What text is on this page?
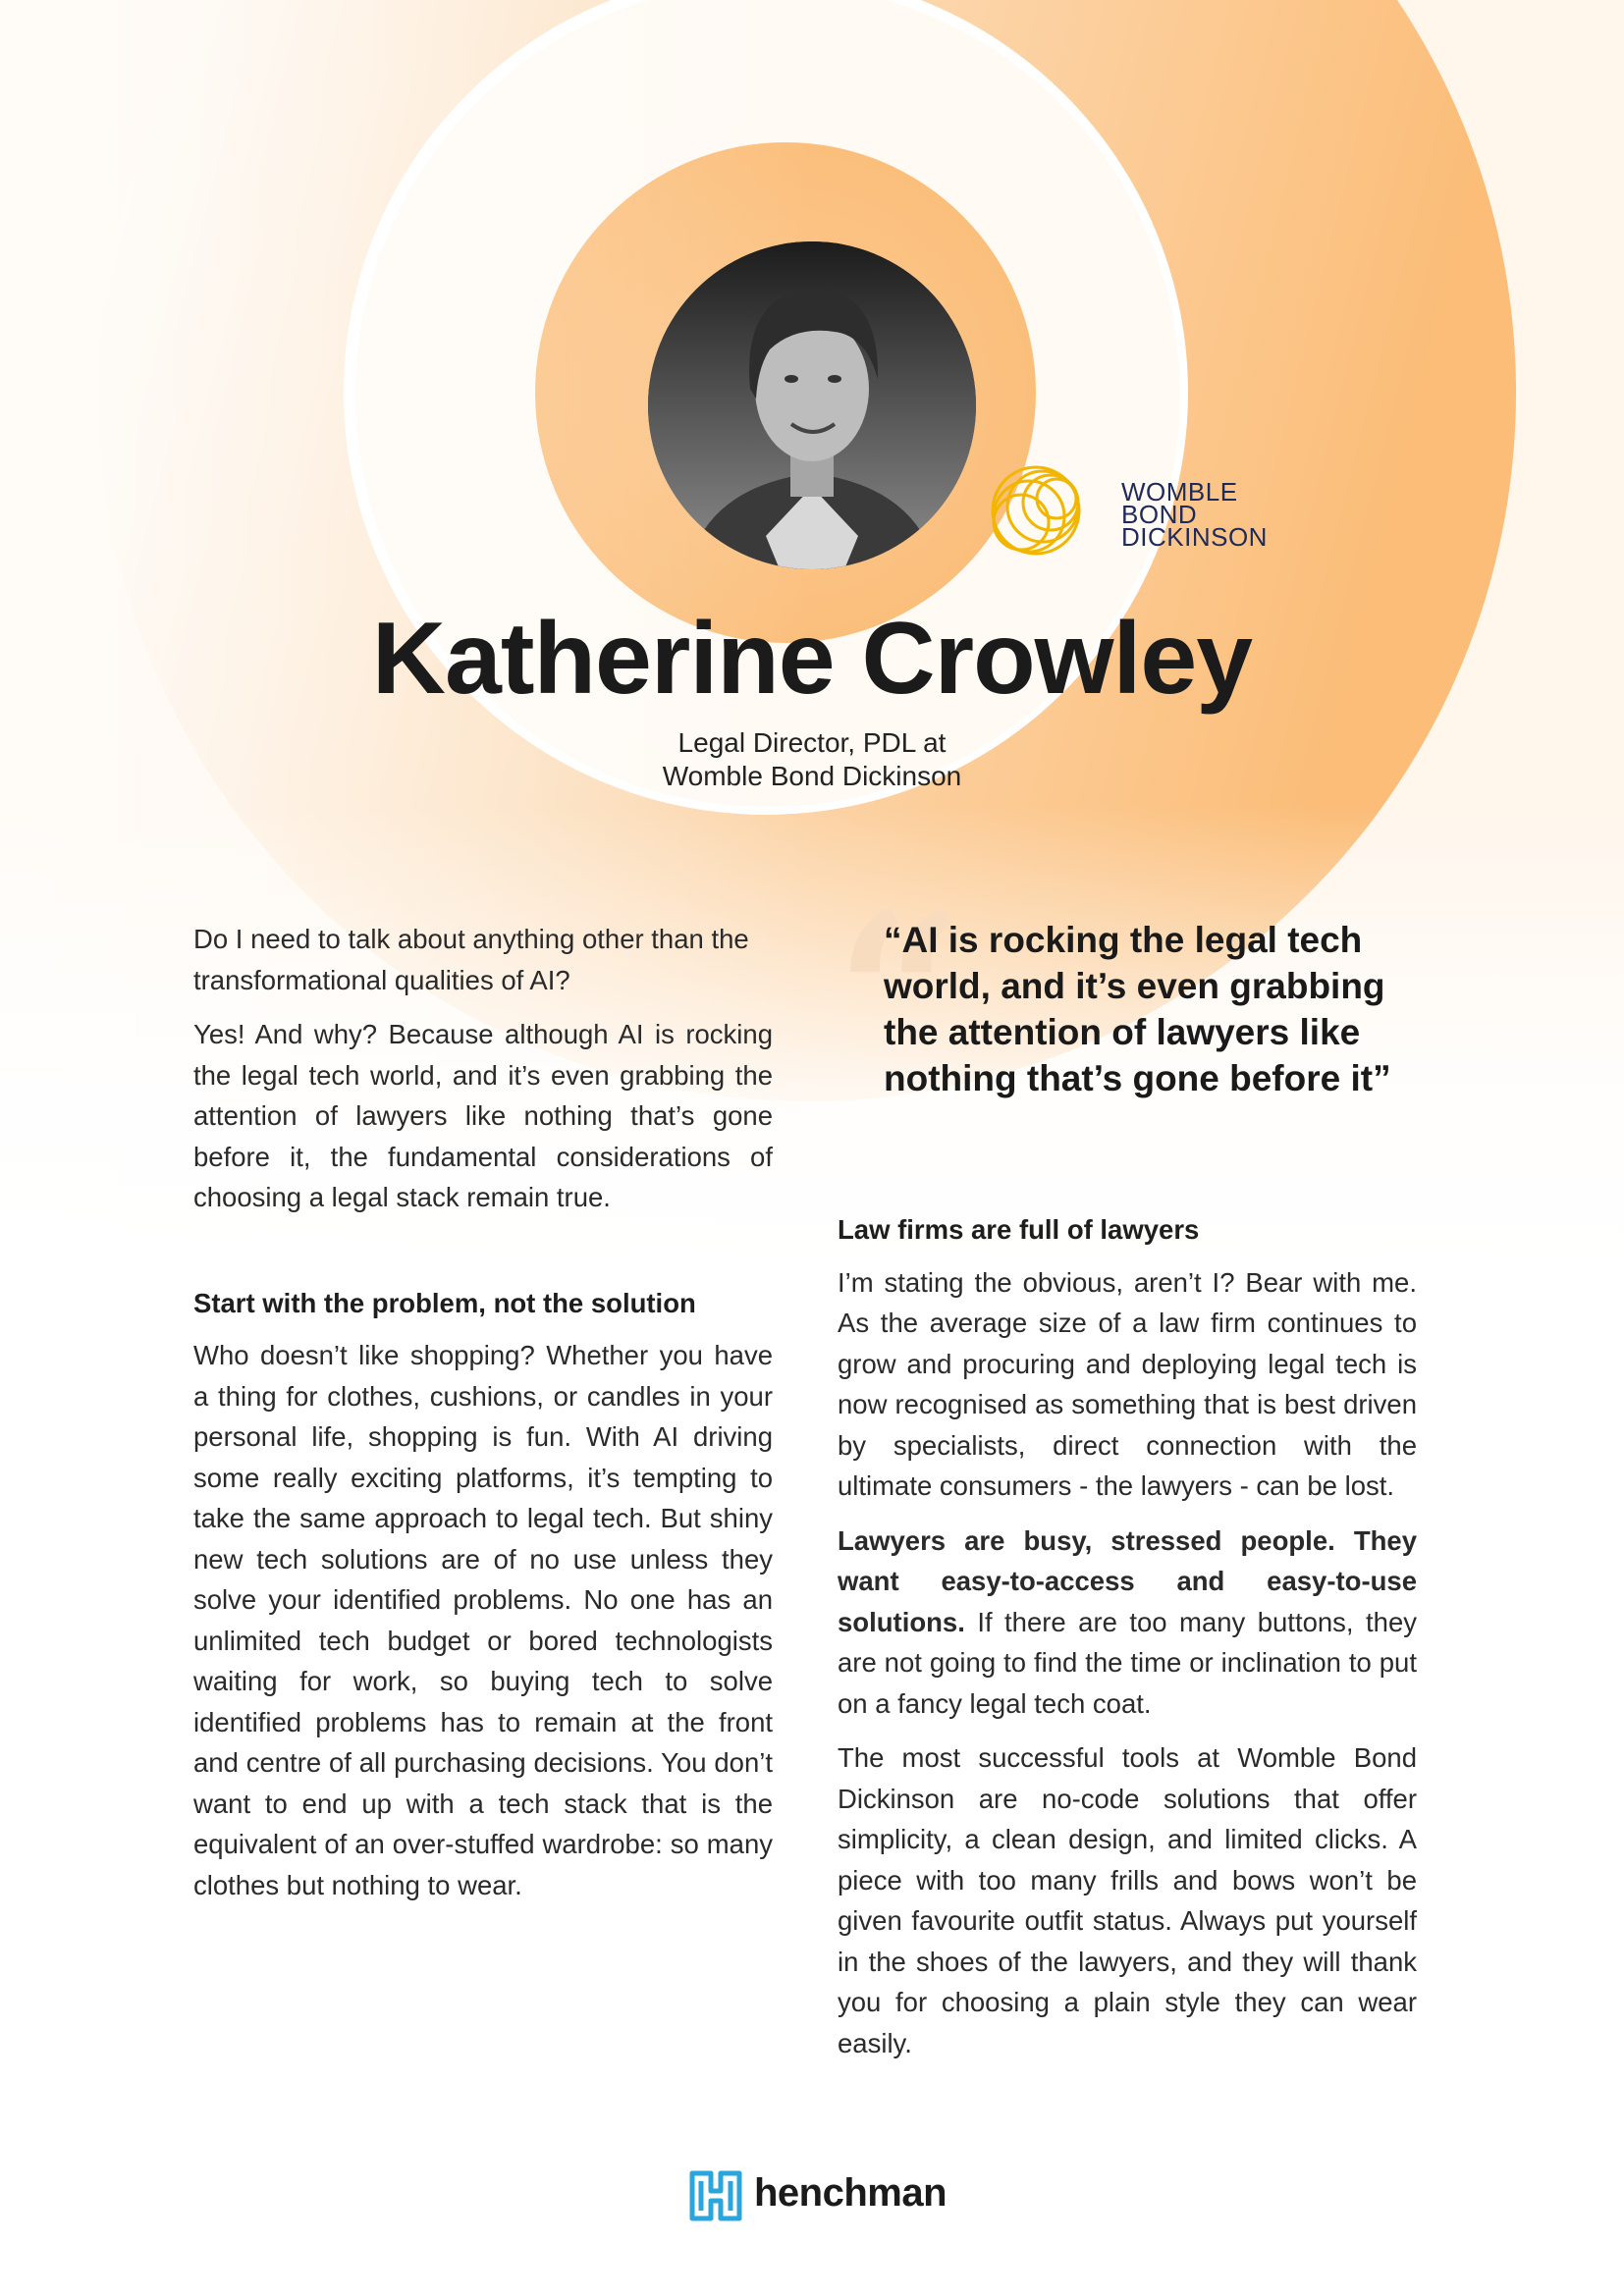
WOMBLE
BOND
DICKINSON
Katherine Crowley
Legal Director, PDL at
Womble Bond Dickinson

Do I need to talk about anything other than the transformational qualities of AI?

Yes! And why? Because although AI is rocking the legal tech world, and it’s even grabbing the attention of lawyers like nothing that’s gone before it, the fundamental considerations of choosing a legal stack remain true.

Start with the problem, not the solution

Who doesn’t like shopping? Whether you have a thing for clothes, cushions, or candles in your personal life, shopping is fun. With AI driving some really exciting platforms, it’s tempting to take the same approach to legal tech. But shiny new tech solutions are of no use unless they solve your identified problems. No one has an unlimited tech budget or bored technologists waiting for work, so buying tech to solve identified problems has to remain at the front and centre of all purchasing decisions. You don’t want to end up with a tech stack that is the equivalent of an over-stuffed wardrobe: so many clothes but nothing to wear.

“
“AI is rocking the legal tech world, and it’s even grabbing the attention of lawyers like nothing that’s gone before it”
Law firms are full of lawyers

I’m stating the obvious, aren’t I? Bear with me. As the average size of a law firm continues to grow and procuring and deploying legal tech is now recognised as something that is best driven by specialists, direct connection with the ultimate consumers - the lawyers - can be lost.

Lawyers are busy, stressed people. They want easy-to-access and easy-to-use solutions. If there are too many buttons, they are not going to find the time or inclination to put on a fancy legal tech coat.

The most successful tools at Womble Bond Dickinson are no-code solutions that offer simplicity, a clean design, and limited clicks. A piece with too many frills and bows won’t be given favourite outfit status. Always put yourself in the shoes of the lawyers, and they will thank you for choosing a plain style they can wear easily.

henchman
